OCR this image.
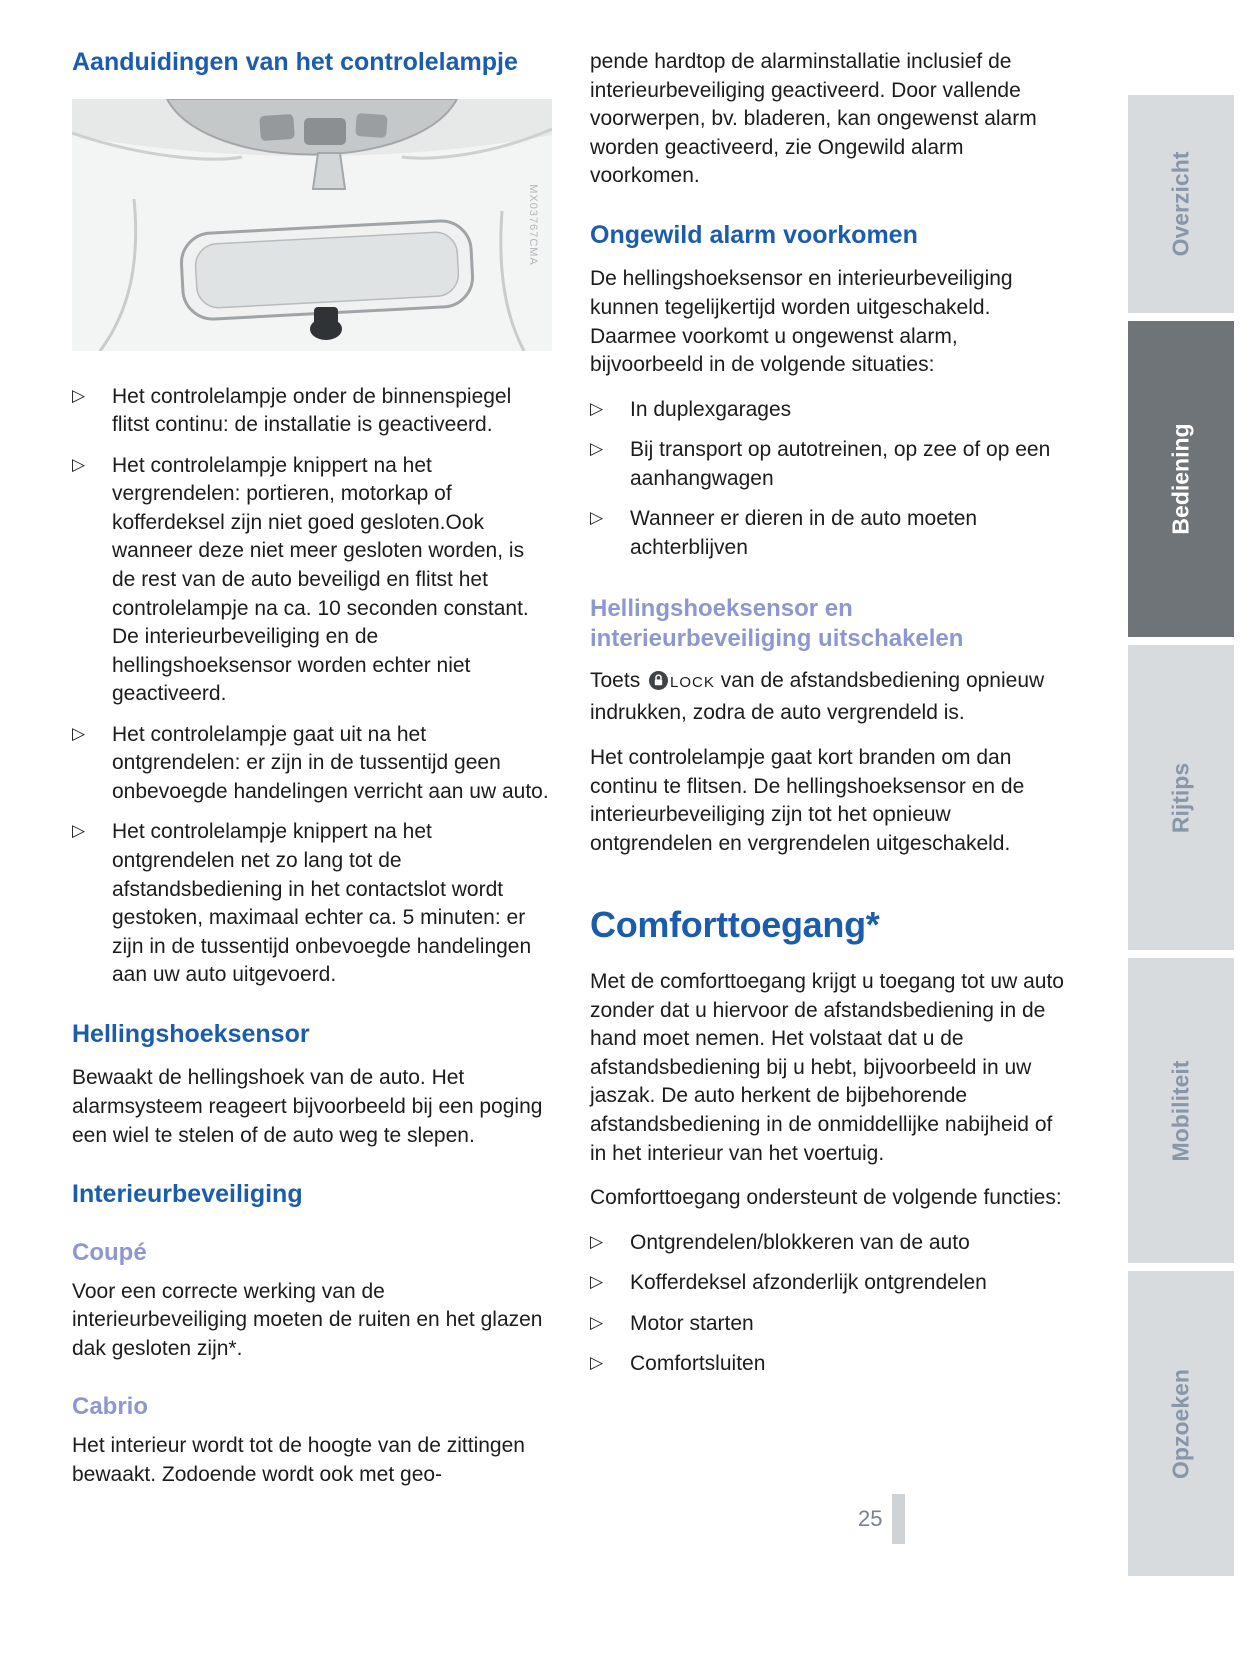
Aanduidingen van het controlelampje
MX03767CMA
▷	Het controlelampje onder de binnenspiegel flitst continu: de installatie is geactiveerd.
▷	Het controlelampje knippert na het vergrendelen: portieren, motorkap of kofferdeksel zijn niet goed gesloten.Ook wanneer deze niet meer gesloten worden, is de rest van de auto beveiligd en flitst het controlelampje na ca. 10 seconden constant. De interieurbeveiliging en de hellingshoeksensor worden echter niet geactiveerd.
▷	Het controlelampje gaat uit na het ontgrendelen: er zijn in de tussentijd geen onbevoegde handelingen verricht aan uw auto.
▷	Het controlelampje knippert na het ontgrendelen net zo lang tot de afstandsbediening in het contactslot wordt gestoken, maximaal echter ca. 5 minuten: er zijn in de tussentijd onbevoegde handelingen aan uw auto uitgevoerd.
Hellingshoeksensor

Bewaakt de hellingshoek van de auto. Het alarmsysteem reageert bijvoorbeeld bij een poging een wiel te stelen of de auto weg te slepen.

Interieurbeveiliging
Coupé

Voor een correcte werking van de interieurbeveiliging moeten de ruiten en het glazen dak gesloten zijn*.

Cabrio

Het interieur wordt tot de hoogte van de zittingen bewaakt. Zodoende wordt ook met geo-

pende hardtop de alarminstallatie inclusief de interieurbeveiliging geactiveerd. Door vallende voorwerpen, bv. bladeren, kan ongewenst alarm worden geactiveerd, zie Ongewild alarm voorkomen.

Ongewild alarm voorkomen

De hellingshoeksensor en interieurbeveiliging kunnen tegelijkertijd worden uitgeschakeld. Daarmee voorkomt u ongewenst alarm, bijvoorbeeld in de volgende situaties:

▷	In duplexgarages
▷	Bij transport op autotreinen, op zee of op een aanhangwagen
▷	Wanneer er dieren in de auto moeten achterblijven
Hellingshoeksensor en
interieurbeveiliging uitschakelen

Toets LOCK van de afstandsbediening opnieuw indrukken, zodra de auto vergrendeld is.

Het controlelampje gaat kort branden om dan continu te flitsen. De hellingshoeksensor en de interieurbeveiliging zijn tot het opnieuw ontgrendelen en vergrendelen uitgeschakeld.

Comforttoegang*

Met de comforttoegang krijgt u toegang tot uw auto zonder dat u hiervoor de afstandsbediening in de hand moet nemen. Het volstaat dat u de afstandsbediening bij u hebt, bijvoorbeeld in uw jaszak. De auto herkent de bijbehorende afstandsbediening in de onmiddellijke nabijheid of in het interieur van het voertuig.

Comforttoegang ondersteunt de volgende functies:

▷	Ontgrendelen/blokkeren van de auto
▷	Kofferdeksel afzonderlijk ontgrendelen
▷	Motor starten
▷	Comfortsluiten
Overzicht
Bediening
Rijtips
Mobiliteit
Opzoeken
25
